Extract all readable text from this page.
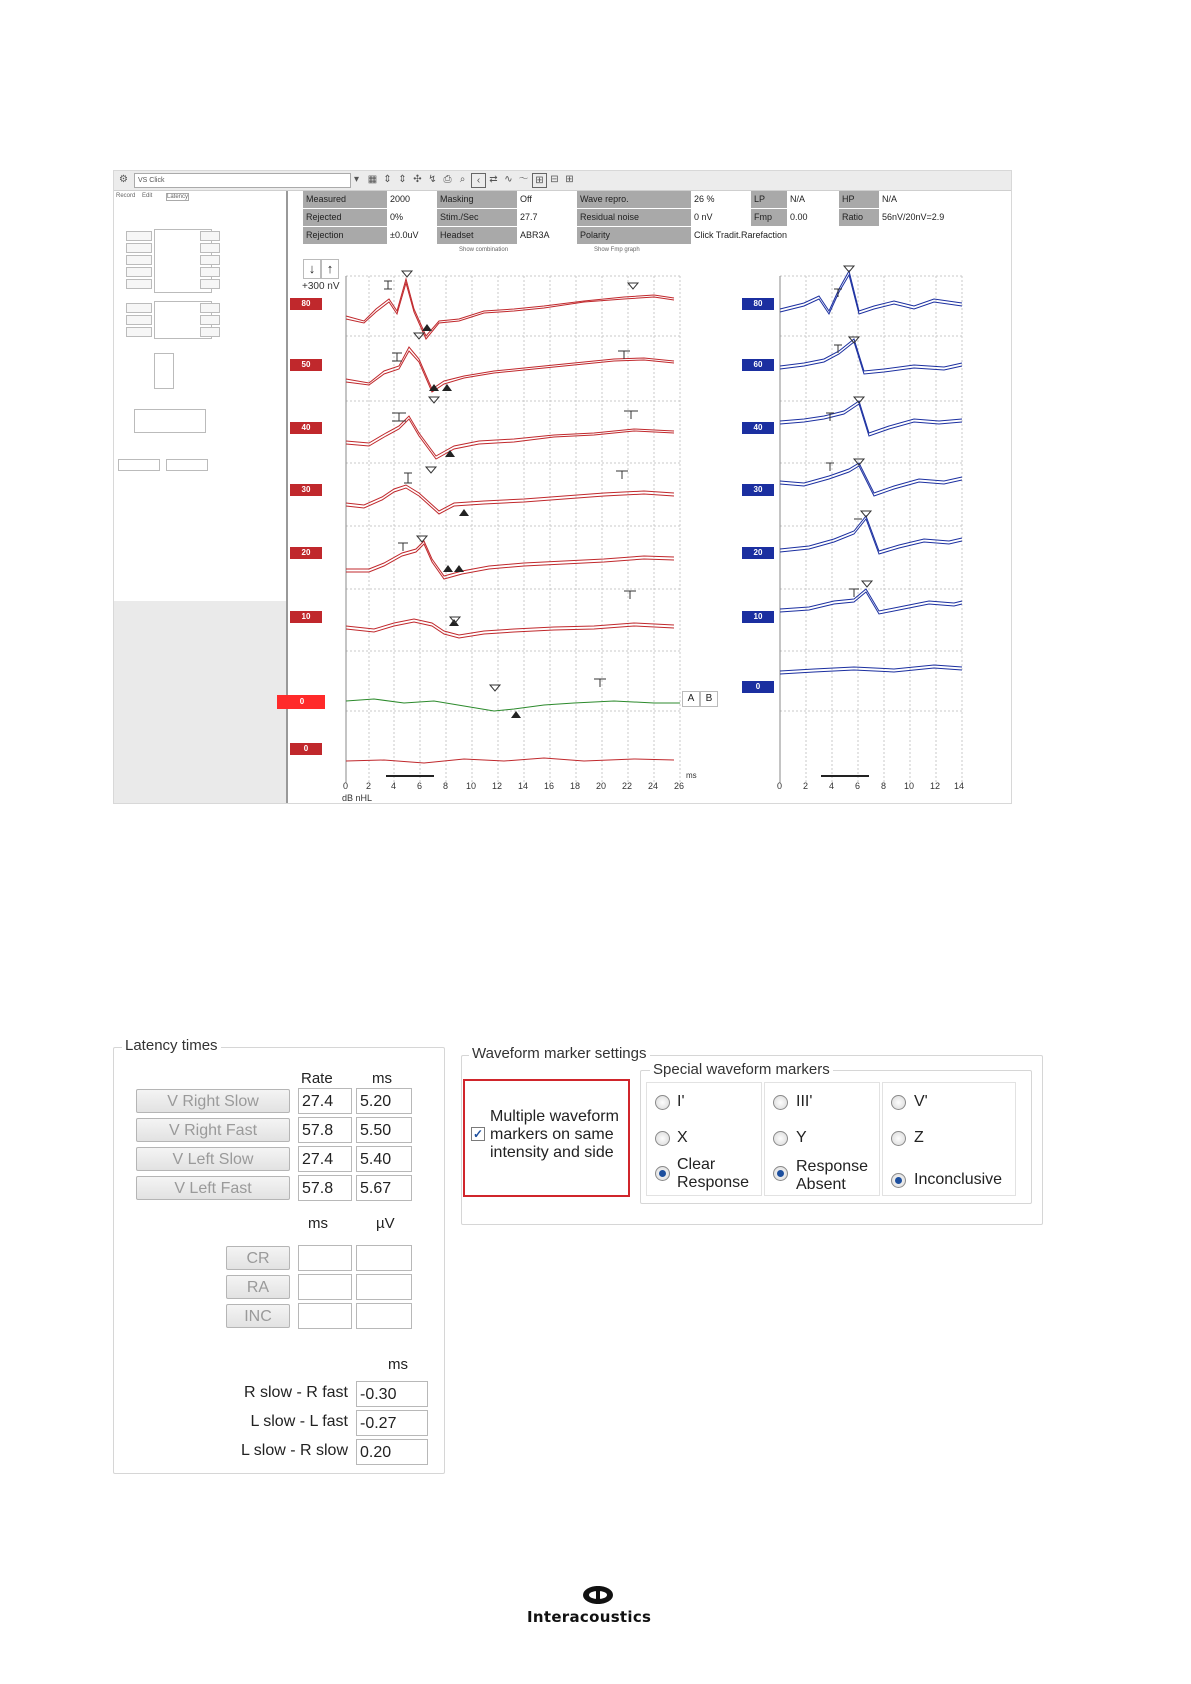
⚙	VS Click	▾ ▦ ⇕ ⇕ ✣ ↯ ⎙ ⌕	‹ ⇄ ∿ 〜 ⊞ ⊟ ⊞
Record Edit Latency	Measured	2000	Masking	Off	Wave repro.	26 %	LP	N/A	HP	N/A
Rejected	0%	Stim./Sec	27.7	Residual noise	0 nV	Fmp	0.00	Ratio	56nV/20nV=2.9
Rejection	±0.0uV	Headset	ABR3A	Polarity	Click Tradit.Rarefaction
Show combination	Show Fmp graph
↓ ↑
+300 nV
80
50
40
30
20
10
0
0
80
60
40
30
20
10
0
A	B
0 2 4 6 8 10 12 14 16 18 20 22 24 26
ms
dB nHL
0 2 4 6 8 10 12 14
Latency times
Rate	ms
V Right Slow	27.4	5.20
V Right Fast	57.8	5.50
V Left Slow	27.4	5.40
V Left Fast	57.8	5.67
ms	µV
CR
RA
INC
ms
R slow - R fast -0.30
L slow - L fast -0.27
L slow - R slow 0.20
Waveform marker settings
✓
Multiple waveform markers on same intensity and side
Special waveform markers
I'
X
Clear Response
III'
Y
Response Absent
V'
Z
Inconclusive
Interacoustics
